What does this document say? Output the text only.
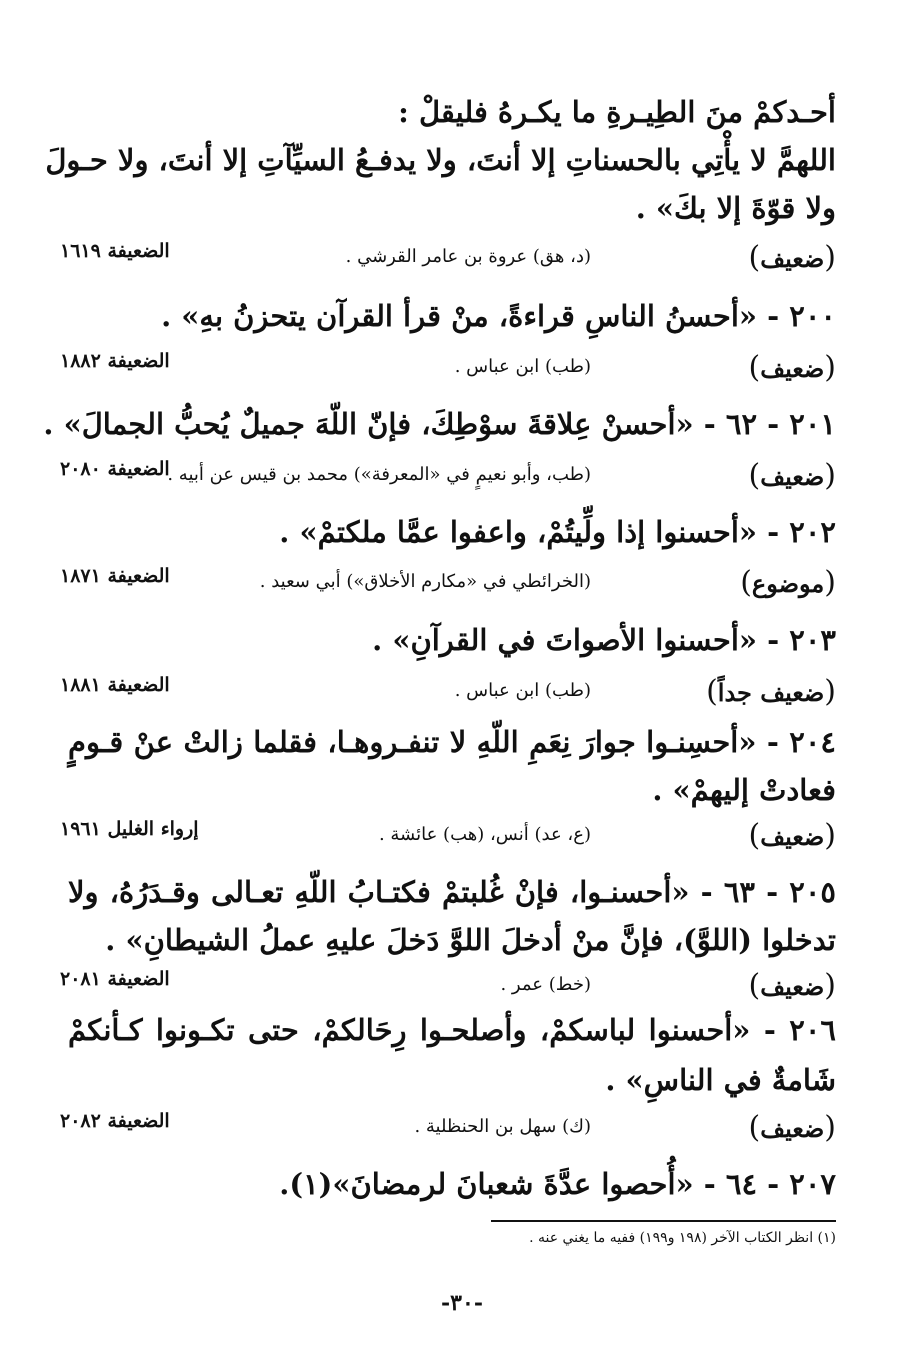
أحـدكمْ منَ الطِيـرةِ ما يكـرهُ فليقلْ :
اللهمَّ لا يأْتِي بالحسناتِ إلا أنتَ، ولا يدفـعُ السيِّآتِ إلا أنتَ، ولا حـولَ
ولا قوّةَ إلا بكَ» .
(ضعيف)
(د، هق) عروة بن عامر القرشي .
الضعيفة ١٦١٩
٢٠٠ - «أحسنُ الناسِ قراءةً، منْ قرأ القرآن يتحزنُ بهِ» .
(ضعيف)
(طب) ابن عباس .
الضعيفة ١٨٨٢
٢٠١ - ٦٢ - «أحسنْ عِلاقةَ سوْطِكَ، فإنّ اللّهَ جميلٌ يُحبُّ الجمالَ» .
(ضعيف)
(طب، وأبو نعيمٍ في «المعرفة») محمد بن قيس عن أبيه .
الضعيفة ٢٠٨٠
٢٠٢ - «أحسنوا إذا ولِّيتُمْ، واعفوا عمَّا ملكتمْ» .
(موضوع)
(الخرائطي في «مكارم الأخلاق») أبي سعيد .
الضعيفة ١٨٧١
٢٠٣ - «أحسنوا الأصواتَ في القرآنِ» .
(ضعيف جداً)
(طب) ابن عباس .
الضعيفة ١٨٨١
٢٠٤ - «أحسِنـوا جوارَ نِعَمِ اللّهِ لا تنفـروهـا، فقلما زالتْ عنْ قـومٍ
فعادتْ إليهمْ» .
(ضعيف)
(ع، عد) أنس، (هب) عائشة .
إرواء الغليل ١٩٦١
٢٠٥ - ٦٣ - «أحسنـوا، فإنْ غُلبتمْ فكتـابُ اللّهِ تعـالى وقـدَرُهُ، ولا
تدخلوا (اللوَّ)، فإنَّ منْ أدخلَ اللوَّ دَخلَ عليهِ عملُ الشيطانِ» .
(ضعيف)
(خط) عمر .
الضعيفة ٢٠٨١
٢٠٦ - «أحسنوا لباسكمْ، وأصلحـوا رِحَالكمْ، حتى تكـونوا كـأنكمْ
شَامةٌ في الناسِ» .
(ضعيف)
(ك) سهل بن الحنظلية .
الضعيفة ٢٠٨٢
٢٠٧ - ٦٤ - «أُحصوا عدَّةَ شعبانَ لرمضانَ»(١).
(١) انظر الكتاب الآخر (١٩٨ و١٩٩) ففيه ما يغني عنه .
-٣٠-
